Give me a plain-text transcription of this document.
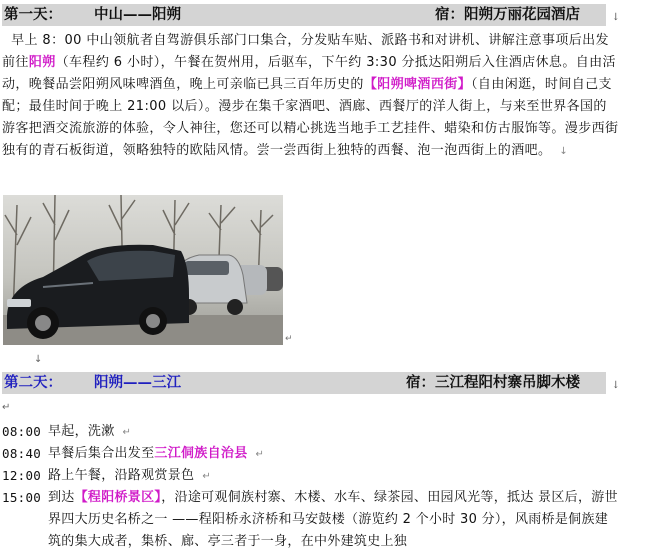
第一天： 中山——阳朔	宿：阳朔万丽花园酒店	↓
早上 8：00 中山领航者自驾游俱乐部门口集合，分发贴车贴、派路书和对讲机、讲解注意事项后出发前往阳朔（车程约 6 小时），午餐在贺州用，后驱车，下午约 3:30 分抵达阳朔后入住酒店休息。自由活动，晚餐品尝阳朔风味啤酒鱼，晚上可亲临已具三百年历史的【阳朔啤酒西街】（自由闲逛，时间自己支配；最佳时间于晚上 21:00 以后）。漫步在集千家酒吧、酒廊、西餐厅的洋人街上，与来至世界各国的游客把酒交流旅游的体验，令人神往，您还可以精心挑选当地手工艺挂件、蜡染和仿古服饰等。漫步西街独有的青石板街道，领略独特的欧陆风情。尝一尝西街上独特的西餐、泡一泡西街上的酒吧。 ↓
↵
↓
第二天： 阳朔——三江	宿：三江程阳村寨吊脚木楼	↓
↵
08:00 早起，洗漱 ↵
08:40 早餐后集合出发至三江侗族自治县 ↵
12:00 路上午餐，沿路观赏景色 ↵
15:00 到达【程阳桥景区】，沿途可观侗族村寨、木楼、水车、绿茶园、田园风光等，抵达 景区后，游世界四大历史名桥之一 ——程阳桥永济桥和马安鼓楼（游览约 2 个小时 30 分），风雨桥是侗族建筑的集大成者，集桥、廊、亭三者于一身，在中外建筑史上独
